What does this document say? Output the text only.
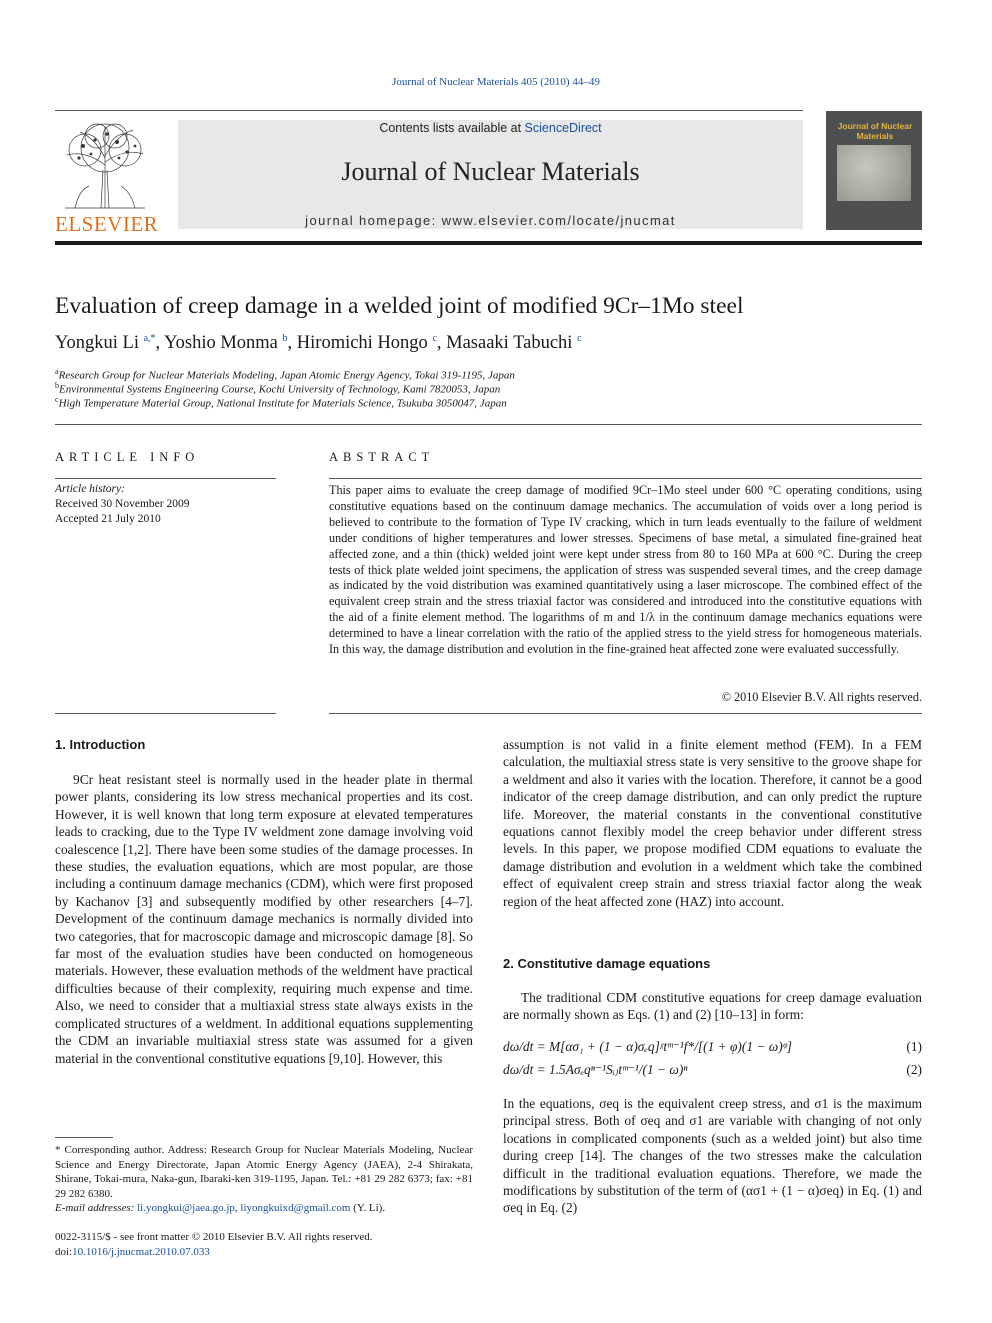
Journal of Nuclear Materials 405 (2010) 44–49
ELSEVIER
Contents lists available at ScienceDirect
Journal of Nuclear Materials
journal homepage: www.elsevier.com/locate/jnucmat
Journal of Nuclear Materials
Evaluation of creep damage in a welded joint of modified 9Cr–1Mo steel
Yongkui Li $^{a,*}$, Yoshio Monma $^b$, Hiromichi Hongo $^c$, Masaaki Tabuchi $^c$
$^a$Research Group for Nuclear Materials Modeling, Japan Atomic Energy Agency, Tokai 319-1195, Japan
$^b$Environmental Systems Engineering Course, Kochi University of Technology, Kami 7820053, Japan
$^c$High Temperature Material Group, National Institute for Materials Science, Tsukuba 3050047, Japan
ARTICLE INFO	ABSTRACT
Article history:
Received 30 November 2009
Accepted 21 July 2010
This paper aims to evaluate the creep damage of modified 9Cr–1Mo steel under 600 °C operating conditions, using constitutive equations based on the continuum damage mechanics. The accumulation of voids over a long period is believed to contribute to the formation of Type IV cracking, which in turn leads eventually to the failure of weldment under conditions of higher temperatures and lower stresses. Specimens of base metal, a simulated fine-grained heat affected zone, and a thin (thick) welded joint were kept under stress from 80 to 160 MPa at 600 °C. During the creep tests of thick plate welded joint specimens, the application of stress was suspended several times, and the creep damage as indicated by the void distribution was examined quantitatively using a laser microscope. The combined effect of the equivalent creep strain and the stress triaxial factor was considered and introduced into the constitutive equations with the aid of a finite element method. The logarithms of m and 1/λ in the continuum damage mechanics equations were determined to have a linear correlation with the ratio of the applied stress to the yield stress for homogeneous materials. In this way, the damage distribution and evolution in the fine-grained heat affected zone were evaluated successfully.
© 2010 Elsevier B.V. All rights reserved.
1. Introduction

9Cr heat resistant steel is normally used in the header plate in thermal power plants, considering its low stress mechanical properties and its cost. However, it is well known that long term exposure at elevated temperatures leads to cracking, due to the Type IV weldment zone damage involving void coalescence [1,2]. There have been some studies of the damage processes. In these studies, the evaluation equations, which are most popular, are those including a continuum damage mechanics (CDM), which were first proposed by Kachanov [3] and subsequently modified by other researchers [4–7]. Development of the continuum damage mechanics is normally divided into two categories, that for macroscopic damage and microscopic damage [8]. So far most of the evaluation studies have been conducted on homogeneous materials. However, these evaluation methods of the weldment have practical difficulties because of their complexity, requiring much expense and time. Also, we need to consider that a multiaxial stress state always exists in the complicated structures of a weldment. In additional equations supplementing the CDM an invariable multiaxial stress state was assumed for a given material in the conventional constitutive equations [9,10]. However, this

assumption is not valid in a finite element method (FEM). In a FEM calculation, the multiaxial stress state is very sensitive to the groove shape for a weldment and also it varies with the location. Therefore, it cannot be a good indicator of the creep damage distribution, and can only predict the rupture life. Moreover, the material constants in the conventional constitutive equations cannot flexibly model the creep behavior under different stress levels. In this paper, we propose modified CDM equations to evaluate the damage distribution and evolution in a weldment which take the combined effect of equivalent creep strain and stress triaxial factor along the weak region of the heat affected zone (HAZ) into account.

2. Constitutive damage equations

The traditional CDM constitutive equations for creep damage evaluation are normally shown as Eqs. (1) and (2) [10–13] in form:

dω/dt = M[ασ₁ + (1 − α)σₑq]ᵡtᵐ⁻¹f*/[(1 + φ)(1 − ω)ᵠ]	(1)
dω/dt = 1.5Aσₑqⁿ⁻¹Sᵢⱼtᵐ⁻¹/(1 − ω)ⁿ	(2)

In the equations, σeq is the equivalent creep stress, and σ1 is the maximum principal stress. Both of σeq and σ1 are variable with changing of not only locations in complicated components (such as a welded joint) but also time during creep [14]. The changes of the two stresses make the calculation difficult in the traditional evaluation equations. Therefore, we made the modifications by substitution of the term of (ασ1 + (1 − α)σeq) in Eq. (1) and σeq in Eq. (2)

* Corresponding author. Address: Research Group for Nuclear Materials Modeling, Nuclear Science and Energy Directorate, Japan Atomic Energy Agency (JAEA), 2-4 Shirakata, Shirane, Tokai-mura, Naka-gun, Ibaraki-ken 319-1195, Japan. Tel.: +81 29 282 6373; fax: +81 29 282 6380.
E-mail addresses: li.yongkui@jaea.go.jp, liyongkuixd@gmail.com (Y. Li).
0022-3115/$ - see front matter © 2010 Elsevier B.V. All rights reserved.
doi:10.1016/j.jnucmat.2010.07.033
